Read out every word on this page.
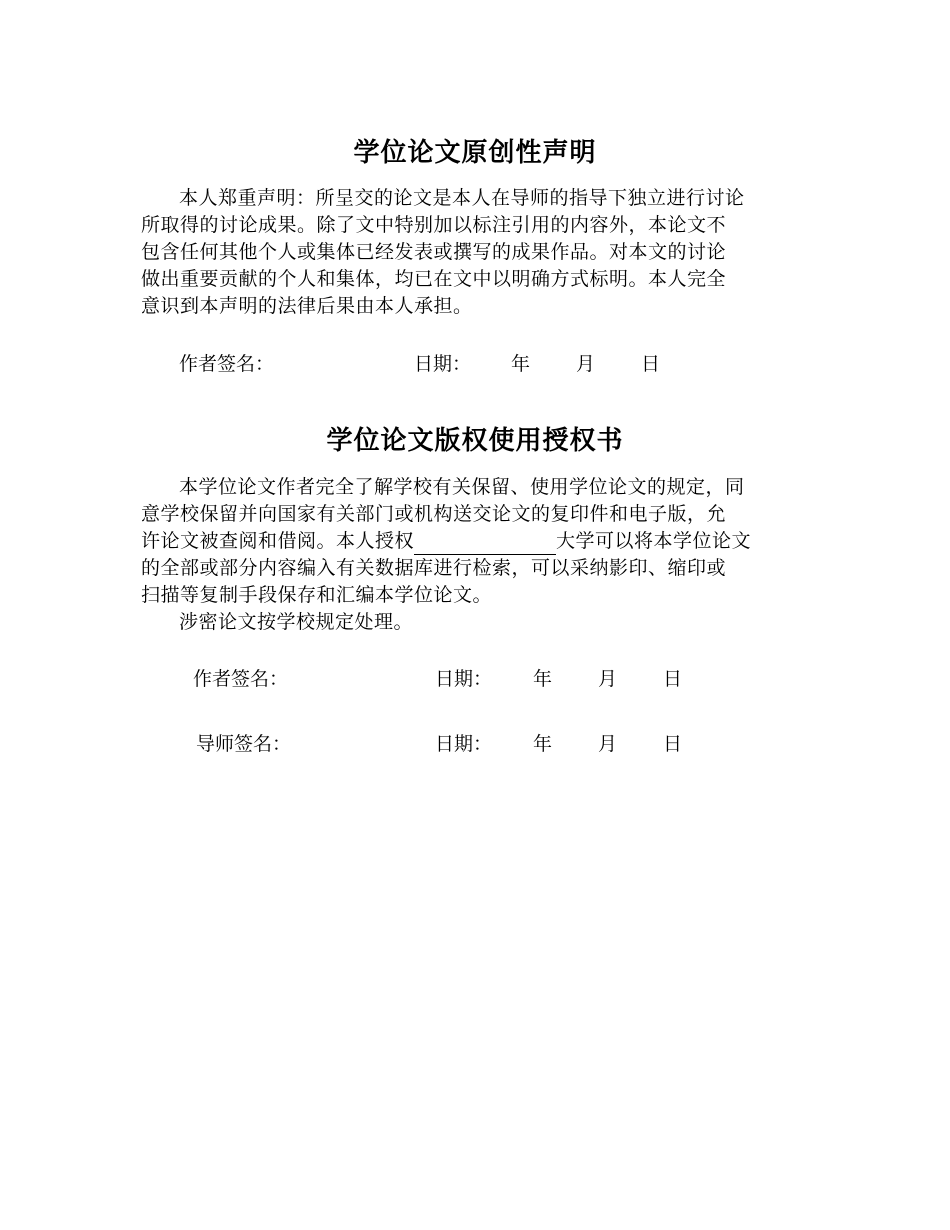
学位论文原创性声明
本人郑重声明：所呈交的论文是本人在导师的指导下独立进行讨论
所取得的讨论成果。除了文中特别加以标注引用的内容外，本论文不
包含任何其他个人或集体已经发表或撰写的成果作品。对本文的讨论
做出重要贡献的个人和集体，均已在文中以明确方式标明。本人完全
意识到本声明的法律后果由本人承担。
作者签名：	日期： 年 月 日
学位论文版权使用授权书
本学位论文作者完全了解学校有关保留、使用学位论文的规定，同
意学校保留并向国家有关部门或机构送交论文的复印件和电子版，允
许论文被查阅和借阅。本人授权	大学可以将本学位论文
的全部或部分内容编入有关数据库进行检索，可以采纳影印、缩印或
扫描等复制手段保存和汇编本学位论文。
涉密论文按学校规定处理。
作者签名：	日期： 年 月 日
导师签名：	日期： 年 月 日
